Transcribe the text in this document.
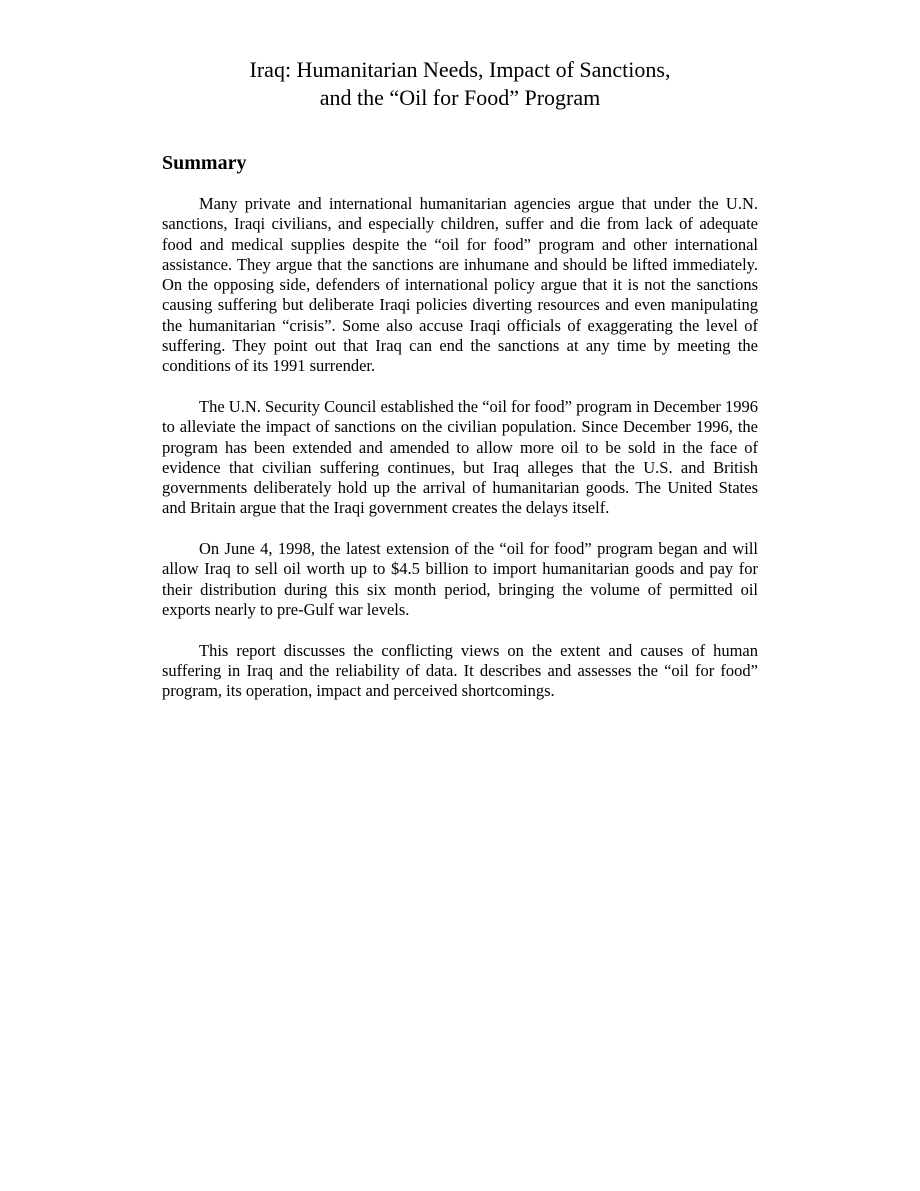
Iraq: Humanitarian Needs, Impact of Sanctions,
and the “Oil for Food” Program
Summary

Many private and international humanitarian agencies argue that under the U.N. sanctions, Iraqi civilians, and especially children, suffer and die from lack of adequate food and medical supplies despite the “oil for food” program and other international assistance. They argue that the sanctions are inhumane and should be lifted immediately. On the opposing side, defenders of international policy argue that it is not the sanctions causing suffering but deliberate Iraqi policies diverting resources and even manipulating the humanitarian “crisis”. Some also accuse Iraqi officials of exaggerating the level of suffering. They point out that Iraq can end the sanctions at any time by meeting the conditions of its 1991 surrender.

The U.N. Security Council established the “oil for food” program in December 1996 to alleviate the impact of sanctions on the civilian population. Since December 1996, the program has been extended and amended to allow more oil to be sold in the face of evidence that civilian suffering continues, but Iraq alleges that the U.S. and British governments deliberately hold up the arrival of humanitarian goods. The United States and Britain argue that the Iraqi government creates the delays itself.

On June 4, 1998, the latest extension of the “oil for food” program began and will allow Iraq to sell oil worth up to $4.5 billion to import humanitarian goods and pay for their distribution during this six month period, bringing the volume of permitted oil exports nearly to pre-Gulf war levels.

This report discusses the conflicting views on the extent and causes of human suffering in Iraq and the reliability of data. It describes and assesses the “oil for food” program, its operation, impact and perceived shortcomings.
